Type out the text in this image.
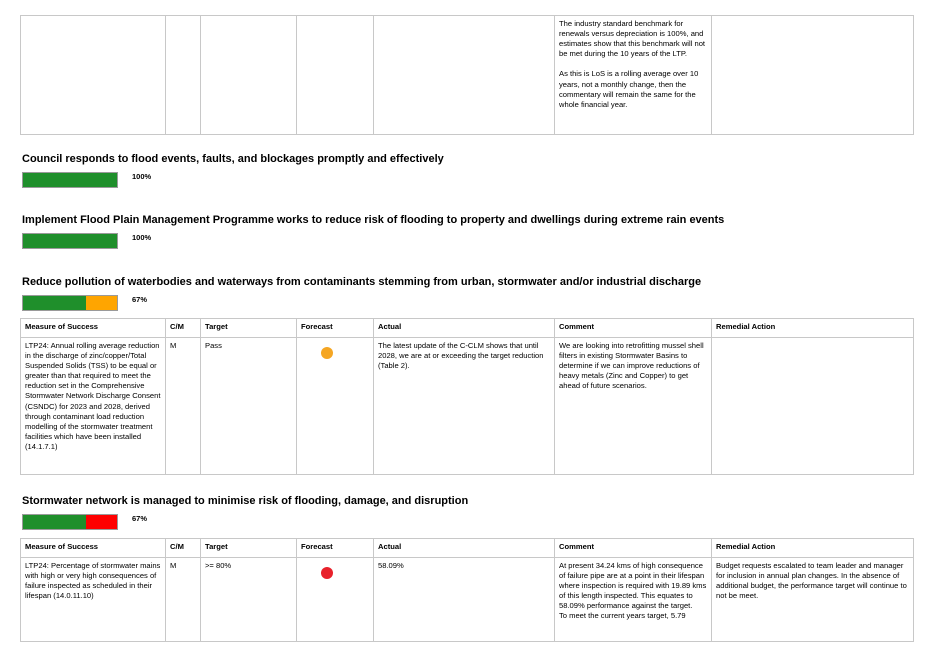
The industry standard benchmark for renewals versus depreciation is 100%, and estimates show that this benchmark will not be met during the 10 years of the LTP.

As this is LoS is a rolling average over 10 years, not a monthly change, then the commentary will remain the same for the whole financial year.

Council responds to flood events, faults, and blockages promptly and effectively
100%
Implement Flood Plain Management Programme works to reduce risk of flooding to property and dwellings during extreme rain events
100%
Reduce pollution of waterbodies and waterways from contaminants stemming from urban, stormwater and/or industrial discharge
67%
Measure of Success	C/M	Target	Forecast	Actual	Comment	Remedial Action
LTP24: Annual rolling average reduction in the discharge of zinc/copper/Total Suspended Solids (TSS) to be equal or greater than that required to meet the reduction set in the Comprehensive Stormwater Network Discharge Consent (CSNDC) for 2023 and 2028, derived through contaminant load reduction modelling of the stormwater treatment facilities which have been installed (14.1.7.1)	M	Pass		The latest update of the C-CLM shows that until 2028, we are at or exceeding the target reduction (Table 2).	We are looking into retrofitting mussel shell filters in existing Stormwater Basins to determine if we can improve reductions of heavy metals (Zinc and Copper) to get ahead of future scenarios.	
Stormwater network is managed to minimise risk of flooding, damage, and disruption
67%
Measure of Success	C/M	Target	Forecast	Actual	Comment	Remedial Action
LTP24: Percentage of stormwater mains with high or very high consequences of failure inspected as scheduled in their lifespan (14.0.11.10)	M	>= 80%		58.09%	At present 34.24 kms of high consequence of failure pipe are at a point in their lifespan where inspection is required with 19.89 kms of this length inspected. This equates to 58.09% performance against the target.
To meet the current years target, 5.79	Budget requests escalated to team leader and manager for inclusion in annual plan changes. In the absence of additional budget, the performance target will continue to not be meet.
